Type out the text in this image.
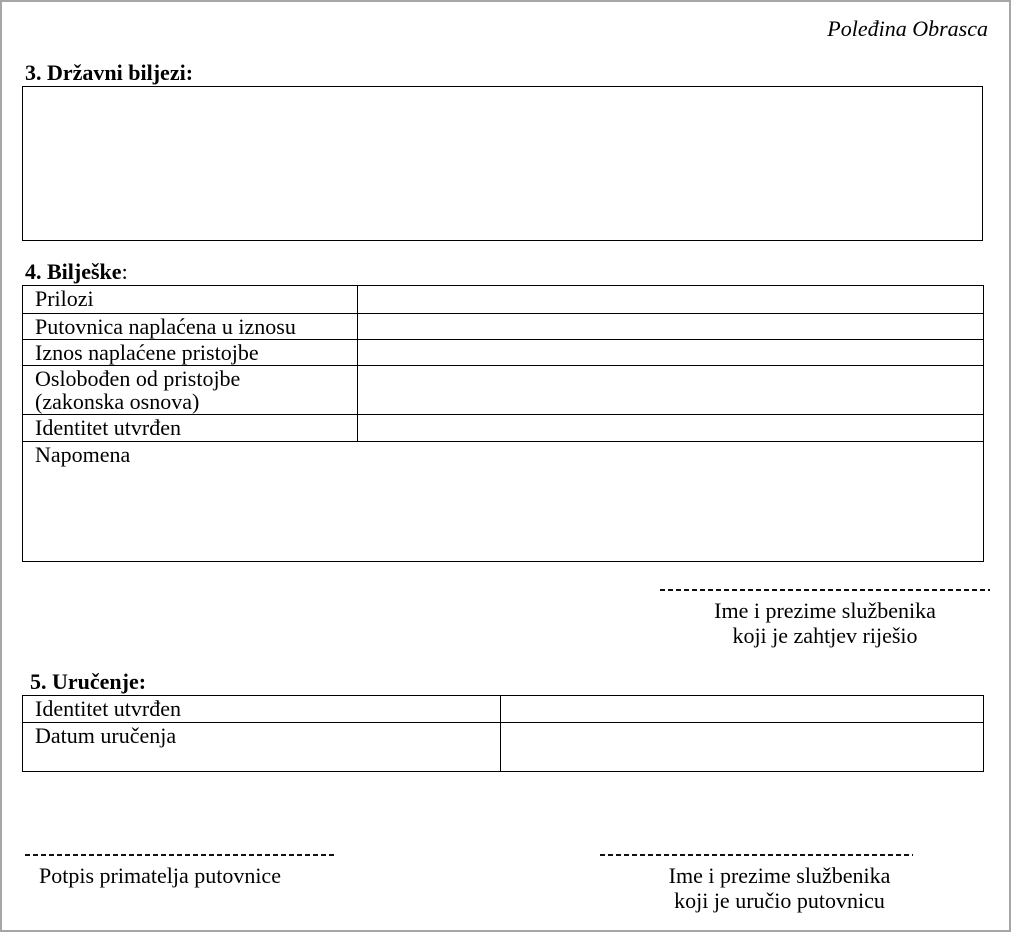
Poleđina Obrasca
3. Državni biljezi:
4. Bilješke:
Prilozi	
Putovnica naplaćena u iznosu	
Iznos naplaćene pristojbe	

Oslobođen od pristojbe
(zakonska osnova)	

Identitet utvrđen	
Napomena	
Ime i prezime službenika
koji je zahtjev riješio
5. Uručenje:
Identitet utvrđen	
Datum uručenja	
Potpis primatelja putovnice	Ime i prezime službenika
koji je uručio putovnicu
